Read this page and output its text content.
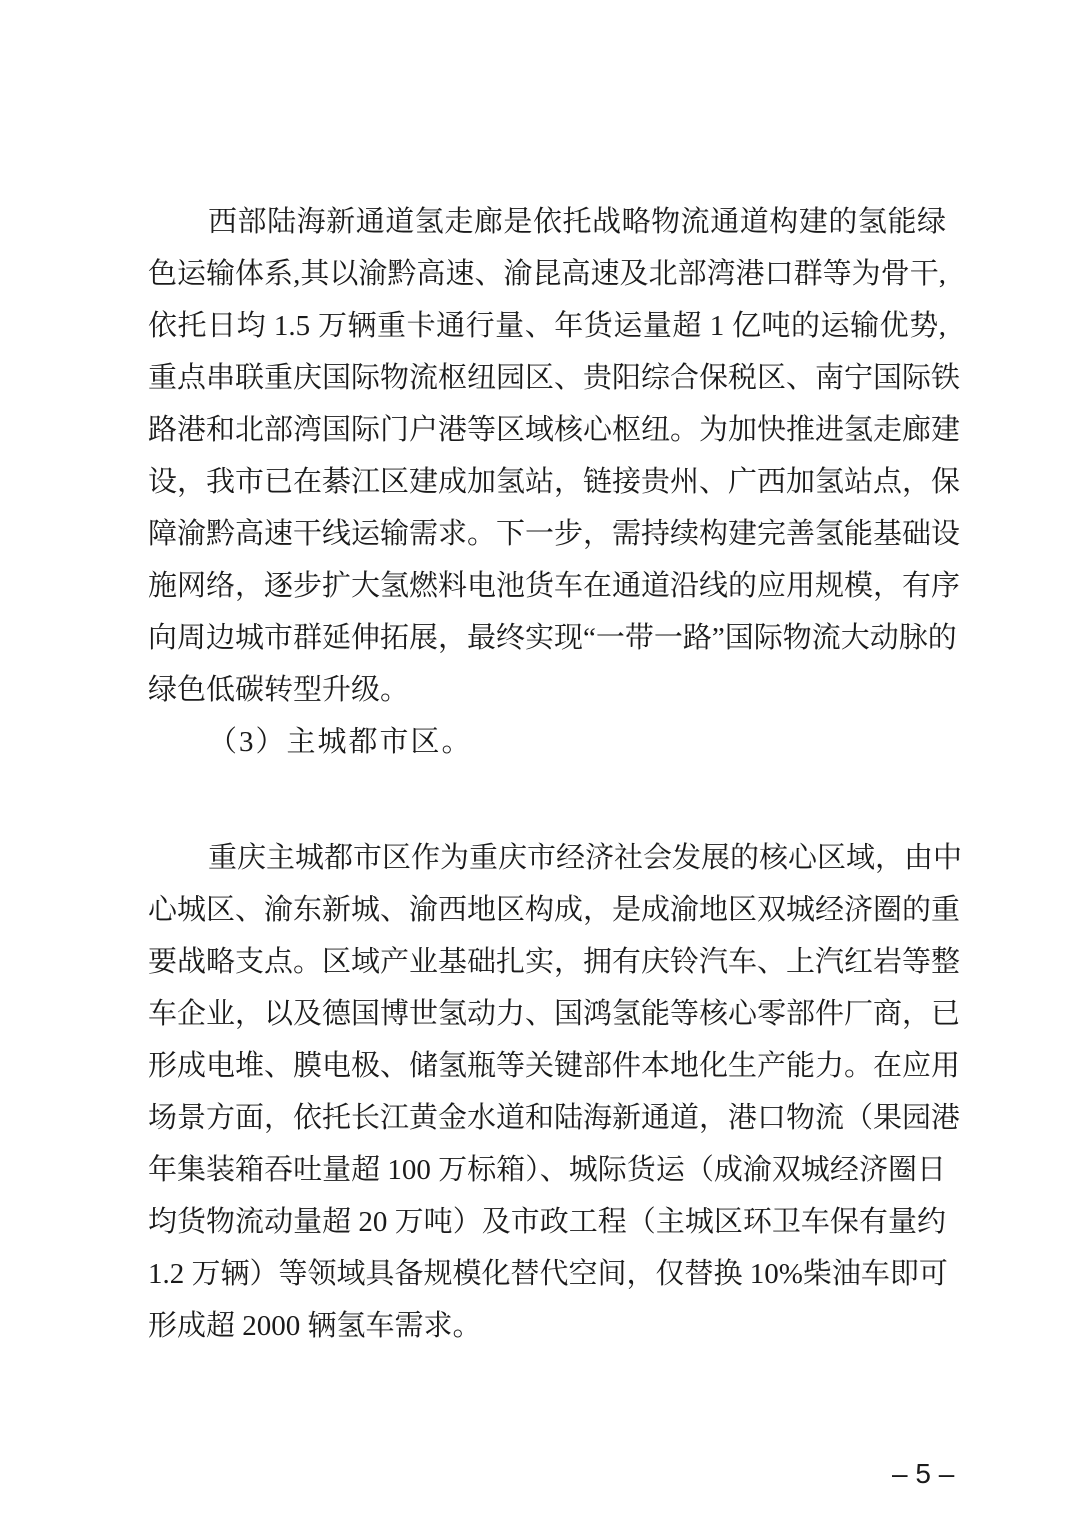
西部陆海新通道氢走廊是依托战略物流通道构建的氢能绿
色运输体系,其以渝黔高速、渝昆高速及北部湾港口群等为骨干,
依托日均 1.5 万辆重卡通行量、年货运量超 1 亿吨的运输优势,
重点串联重庆国际物流枢纽园区、贵阳综合保税区、南宁国际铁
路港和北部湾国际门户港等区域核心枢纽。为加快推进氢走廊建
设，我市已在綦江区建成加氢站，链接贵州、广西加氢站点，保
障渝黔高速干线运输需求。下一步，需持续构建完善氢能基础设
施网络，逐步扩大氢燃料电池货车在通道沿线的应用规模，有序
向周边城市群延伸拓展，最终实现“一带一路”国际物流大动脉的
绿色低碳转型升级。
（3）主城都市区。
重庆主城都市区作为重庆市经济社会发展的核心区域，由中
心城区、渝东新城、渝西地区构成，是成渝地区双城经济圈的重
要战略支点。区域产业基础扎实，拥有庆铃汽车、上汽红岩等整
车企业，以及德国博世氢动力、国鸿氢能等核心零部件厂商，已
形成电堆、膜电极、储氢瓶等关键部件本地化生产能力。在应用
场景方面，依托长江黄金水道和陆海新通道，港口物流（果园港
年集装箱吞吐量超 100 万标箱）、城际货运（成渝双城经济圈日
均货物流动量超 20 万吨）及市政工程（主城区环卫车保有量约
1.2 万辆）等领域具备规模化替代空间，仅替换 10%柴油车即可
形成超 2000 辆氢车需求。
– 5 –
